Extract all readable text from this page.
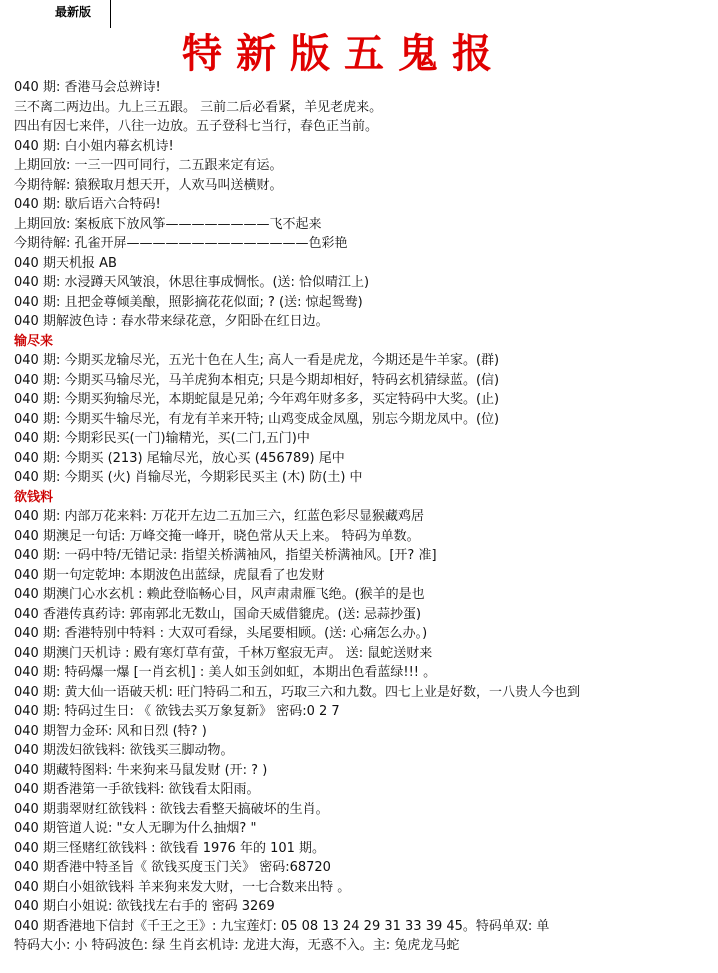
最新版
特新版五鬼报
040 期: 香港马会总辨诗!
三不离二两边出。九上三五跟。 三前二后必看紧，羊见老虎来。
四出有因七来伴，八往一边放。五子登科七当行，春色正当前。
040 期: 白小姐内幕玄机诗!
上期回放: 一三一四可同行，二五跟来定有运。
今期待解: 猿猴取月想天开，人欢马叫送横财。
040 期: 歇后语六合特码!
上期回放: 案板底下放风筝————————飞不起来
今期待解: 孔雀开屏——————————————色彩艳
040 期天机报 AB
040 期: 水浸蹲天风皱浪，休思往事成惆怅。(送: 恰似晴江上)
040 期: 且把金尊倾美酿，照影摘花花似面; ? (送: 惊起鸳鸯)
040 期解波色诗 : 春水带来绿花意，夕阳卧在红日边。
输尽来
040 期: 今期买龙输尽光，五光十色在人生; 高人一看是虎龙，今期还是牛羊家。(群)
040 期: 今期买马输尽光，马羊虎狗本相克; 只是今期却相好，特码玄机猜绿蓝。(信)
040 期: 今期买狗输尽光，本期蛇鼠是兄弟; 今年鸡年财多多，买定特码中大奖。(止)
040 期: 今期买牛输尽光，有龙有羊来开特; 山鸡变成金凤凰，别忘今期龙凤中。(位)
040 期: 今期彩民买(一门)输精光，买(二门,五门)中
040 期: 今期买 (213) 尾输尽光，放心买 (456789) 尾中
040 期: 今期买 (火) 肖输尽光，今期彩民买主 (木) 防(土) 中
欲钱料
040 期: 内部万花来料: 万花开左边二五加三六，红蓝色彩尽显猴藏鸡居
040 期澳足一句话: 万峰交掩一峰开，晓色常从天上来。 特码为单数。
040 期: 一码中特/无错记录: 指望关桥满袖风，指望关桥满袖风。[开? 准]
040 期一句定乾坤: 本期波色出蓝绿，虎鼠看了也发财
040 期澳门心水玄机 : 赖此登临畅心目，风声肃肃雁飞绝。(猴羊的是也
040 香港传真药诗: 郭南郭北无数山，国命天威借貔虎。(送: 忌蒜抄蛋)
040 期: 香港特别中特料 : 大双可看绿，头尾要相顾。(送: 心痛怎么办。)
040 期澳门天机诗 : 殿有寒灯草有萤，千林万壑寂无声。 送: 鼠蛇送财来
040 期: 特码爆一爆 [一肖玄机] : 美人如玉剑如虹，本期出色看蓝绿!!! 。
040 期: 黄大仙一语破天机: 旺门特码二和五，巧取三六和九数。四七上业是好数，一八贵人今也到
040 期: 特码过生日: 《 欲钱去买万象复新》 密码:0 2 7
040 期智力金环: 风和日烈 (特? )
040 期泼妇欲钱料: 欲钱买三脚动物。
040 期藏特图料: 牛来狗来马鼠发财 (开: ? )
040 期香港第一手欲钱料: 欲钱看太阳雨。
040 期翡翠财红欲钱料 : 欲钱去看整天搞破坏的生肖。
040 期管道人说: "女人无聊为什么抽烟? "
040 期三怪赌红欲钱料 : 欲钱看 1976 年的 101 期。
040 期香港中特圣旨《 欲钱买度玉门关》 密码:68720
040 期白小姐欲钱料 羊来狗来发大财，一七合数来出特 。
040 期白小姐说: 欲钱找左右手的 密码 3269
040 期香港地下信封《千王之王》: 九宝莲灯: 05 08 13 24 29 31 33 39 45。特码单双: 单
特码大小: 小 特码波色: 绿 生肖玄机诗: 龙进大海，无惑不入。主: 兔虎龙马蛇
